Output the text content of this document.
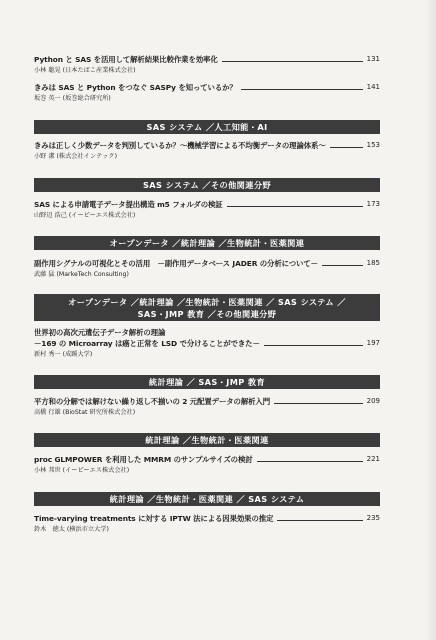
Python と SAS を活用して解析結果比較作業を効率化	131
小林 聡晃 (日本たばこ産業株式会社)
きみは SAS と Python をつなぐ SASPy を知っているか？	141
坂巻 英一 (坂巻総合研究所)
SAS システム ／人工知能・AI
きみは正しく少数データを判別しているか？～機械学習による不均衡データの理論体系～	153
小野 潔 (株式会社インテック)
SAS システム ／その他関連分野
SAS による申請電子データ提出構造 m5 フォルダの検証	173
山野辺 浩己 (イーピーエス株式会社)
オープンデータ ／統計理論 ／生物統計・医薬関連
副作用シグナルの可視化とその活用　－副作用データベース JADER の分析について－	185
武藤 猛 (MarkeTech Consulting)
オープンデータ ／統計理論 ／生物統計・医薬関連 ／ SAS システム ／
SAS・JMP 教育 ／その他関連分野
世界初の高次元遺伝子データ解析の理論
－169 の Microarray は癌と正常を LSD で分けることができた－	197
新村 秀一 (成蹊大学)
統計理論 ／ SAS・JMP 教育
平方和の分解では解けない繰り返し不揃いの 2 元配置データの解析入門	209
高橋 行雄 (BioStat 研究所株式会社)
統計理論 ／生物統計・医薬関連
proc GLMPOWER を利用した MMRM のサンプルサイズの検討	221
小林 邦世 (イーピーエス株式会社)
統計理論 ／生物統計・医薬関連 ／ SAS システム
Time-varying treatments に対する IPTW 法による因果効果の推定	235
鈴木　徳太 (横浜市立大学)
